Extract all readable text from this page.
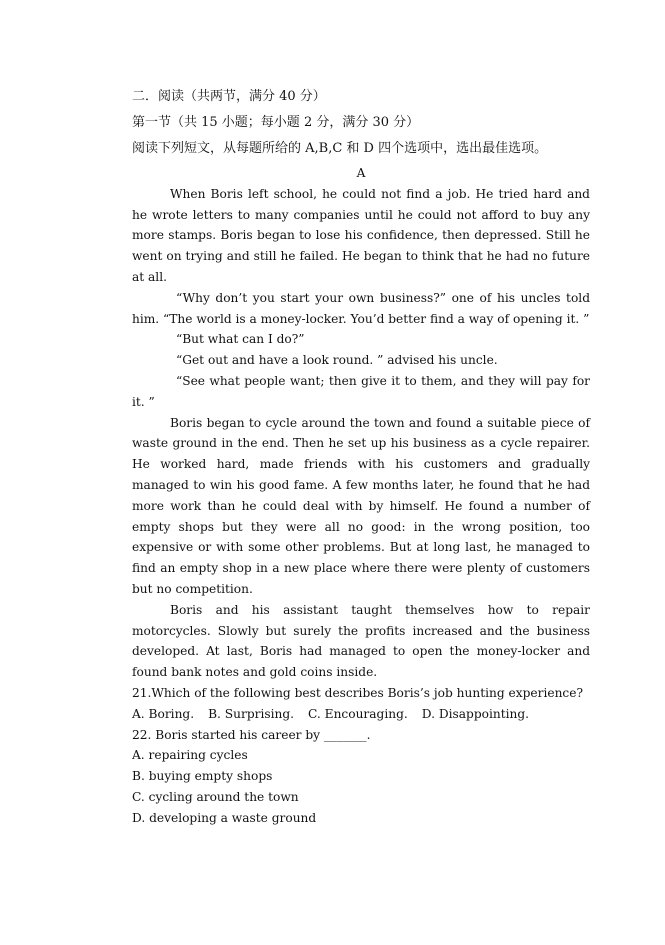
二．阅读（共两节，满分 40 分）
第一节（共 15 小题；每小题 2 分，满分 30 分）
阅读下列短文，从每题所给的 A,B,C 和 D 四个选项中，选出最佳选项。
A

When Boris left school, he could not find a job. He tried hard and he wrote letters to many companies until he could not afford to buy any more stamps. Boris began to lose his confidence, then depressed. Still he went on trying and still he failed. He began to think that he had no future at all.

“Why don’t you start your own business?” one of his uncles told him. “The world is a money-locker. You’d better find a way of opening it. ”

“But what can I do?”

“Get out and have a look round. ” advised his uncle.

“See what people want; then give it to them, and they will pay for it. ”

Boris began to cycle around the town and found a suitable piece of waste ground in the end. Then he set up his business as a cycle repairer. He worked hard, made friends with his customers and gradually managed to win his good fame. A few months later, he found that he had more work than he could deal with by himself. He found a number of empty shops but they were all no good: in the wrong position, too expensive or with some other problems. But at long last, he managed to find an empty shop in a new place where there were plenty of customers but no competition.

Boris and his assistant taught themselves how to repair motorcycles. Slowly but surely the profits increased and the business developed. At last, Boris had managed to open the money-locker and found bank notes and gold coins inside.

21.Which of the following best describes Boris’s job hunting experience?

A. Boring. B. Surprising. C. Encouraging. D. Disappointing.

22. Boris started his career by _______.

A. repairing cycles
B. buying empty shops
C. cycling around the town
D. developing a waste ground
